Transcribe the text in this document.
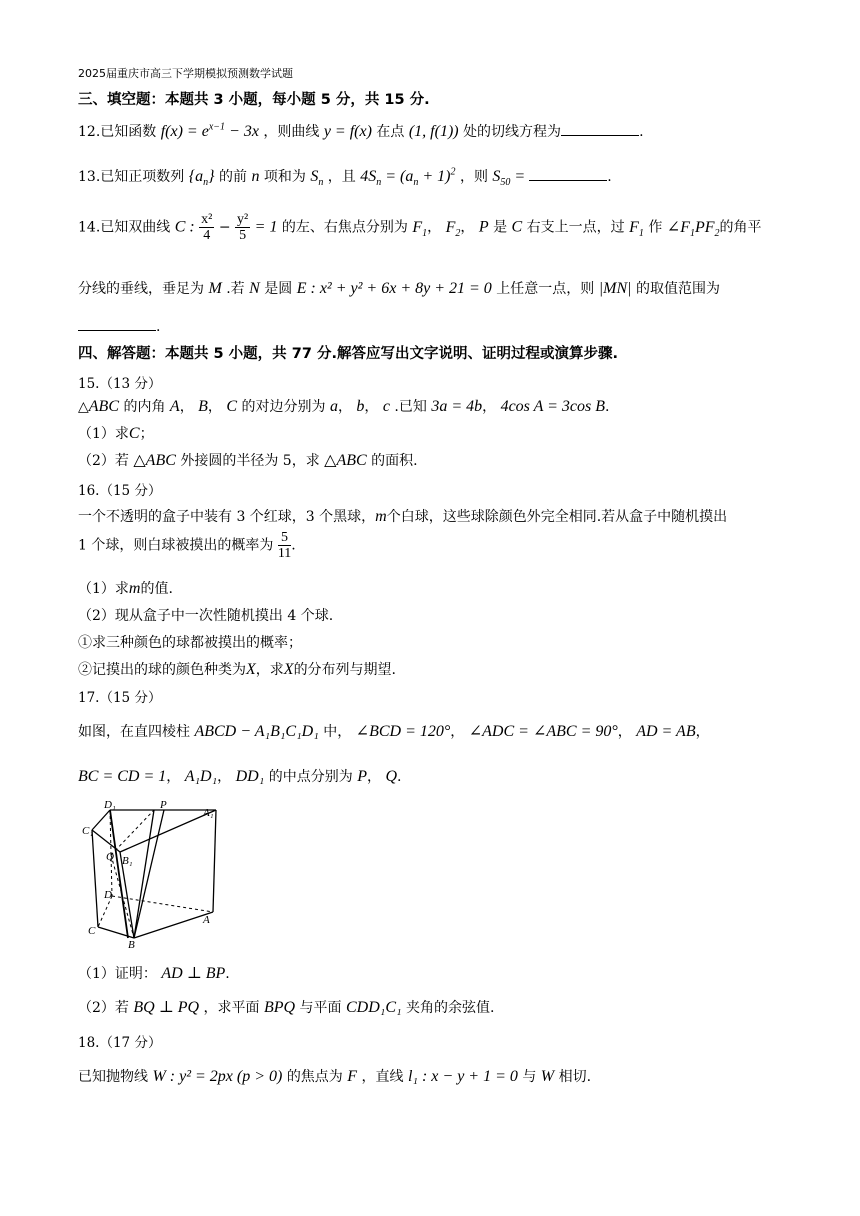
2025届重庆市高三下学期模拟预测数学试题
三、填空题：本题共 3 小题，每小题 5 分，共 15 分.
12.已知函数 $f(x) = e^{x-1} - 3x$ ，则曲线 y = f(x) 在点 (1, f(1)) 处的切线方程为	.
13.已知正项数列 $\{a_n\}$ 的前 n 项和为 $S_n$ ，且 $4S_n = (a_n + 1)^2$ ，则 $S_{50}$ =	.
14.已知双曲线 C : $\frac{\text{x²}}{4} - \frac{\text{y²}}{5} = 1$ 的左、右焦点分别为 $F_1$， $F_2$， P 是 C 右支上一点，过 $F_1$ 作 $\angle F_1PF_2$的角平
分线的垂线，垂足为 M .若 N 是圆 E : x² + y² + 6x + 8y + 21 = 0 上任意一点，则 |MN| 的取值范围为
.
四、解答题：本题共 5 小题，共 77 分.解答应写出文字说明、证明过程或演算步骤.
15.（13 分）
△ABC 的内角 A， B， C 的对边分别为 a， b， c .已知 3a = 4b， 4cos A = 3cos B.
（1）求C；
（2）若 △ABC 外接圆的半径为 5，求 △ABC 的面积.
16.（15 分）
一个不透明的盒子中装有 3 个红球，3 个黑球，m个白球，这些球除颜色外完全相同.若从盒子中随机摸出
1 个球，则白球被摸出的概率为 $\frac{5}{11}$ .
（1）求m的值.
（2）现从盒子中一次性随机摸出 4 个球.
①求三种颜色的球都被摸出的概率；
②记摸出的球的颜色种类为X，求X的分布列与期望.
17.（15 分）
如图，在直四棱柱 ABCD − A₁B₁C₁D₁ 中， ∠BCD = 120°， ∠ADC = ∠ABC = 90°， AD = AB，
BC = CD = 1， A₁D₁， DD₁ 的中点分别为 P， Q.
D₁	P
A₁
C₁
Q B₁
D
A
C
B
（1）证明： AD ⊥ BP.
（2）若 BQ ⊥ PQ ，求平面 BPQ 与平面 CDD₁C₁ 夹角的余弦值.
18.（17 分）
已知抛物线 W : y² = 2px (p > 0) 的焦点为 F ，直线 l₁ : x − y + 1 = 0 与 W 相切.
